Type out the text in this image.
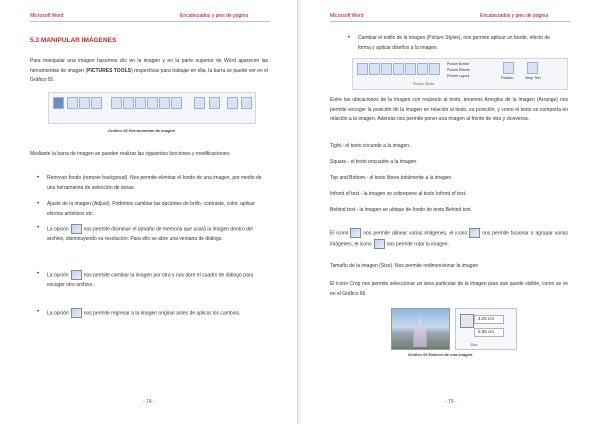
Microsoft Word	Encabezados y pies de página
5.3 MANIPULAR IMÁGENES
Para manipular una imagen hacemos clic en la imagen y en la parte superior de Word aparecen las herramientas de imagen (PICTURES TOOLS) respectivas para trabajar en ella, la barra se puede ver en el Gráfico 65.
Gráfico 65 Herramientas de imagen
Mediante la barra de imagen se pueden realizar las siguientes funciones y modificaciones:
• Remover fondo (remove backgroud). Nos permite eliminar el fondo de una imagen, por medio de una herramienta de selección de áreas.
• Ajuste de la imagen (Adjust). Podemos cambiar las opciones de brillo, contraste, color, aplicar efectos artísticos etc.
• La opción	nos permite disminuir el tamaño de memoria que usará la imagen dentro del archivo, disminuyendo su resolución. Para ello se abre una ventana de diálogo.
• La opción	nos permite cambiar la imagen por otra y nos abre el cuadro de diálogo para escoger otro archivo.
• La opción	nos permite regresar a la imagen original antes de aplicar los cambios.
- 74 -
Microsoft Word	Encabezados y pies de página
• Cambiar el estilo de la imagen (Picture Styles), nos permite aplicar un borde, efecto de forma y aplicar diseños a la imagen.
Picture Border
Picture Effects
Picture Layout	Position	Wrap Text
Picture Styles
Entre las ubicaciones de la imagen con respecto al texto, tenemos Arreglos de la imagen (Arrange) nos permite escoger la posición de la imagen en relación al texto, su posición, y como el texto se comporta en relación a la imagen. Además nos permite poner una imagen al frente de otra y viceversa.
Tight.- el texto circunde a la imagen.
Square.- el texto encuadre a la imagen.
Top and Bottom.- el texto libera totalmente a la imagen.
Infront of text.- la imagen se sobrepone al texto Infront of text.
Behind text.- la imagen se ubique de fondo de texto Behind text.
El icono	nos permite alinear varias imágenes, el icono	nos permite fusionar o agrupar varias imágenes, el icono	nos permite rotar la imagen.
Tamaño de la imagen (Size). Nos permite redimensionar la imagen
El icono Crop nos permite seleccionar un área particular de la imagen para que quede visible, como se ve en el Gráfico 66.
- 75 -
4.25 cm
5.96 cm
Size
Gráfico 66 Edición de una imagen.
